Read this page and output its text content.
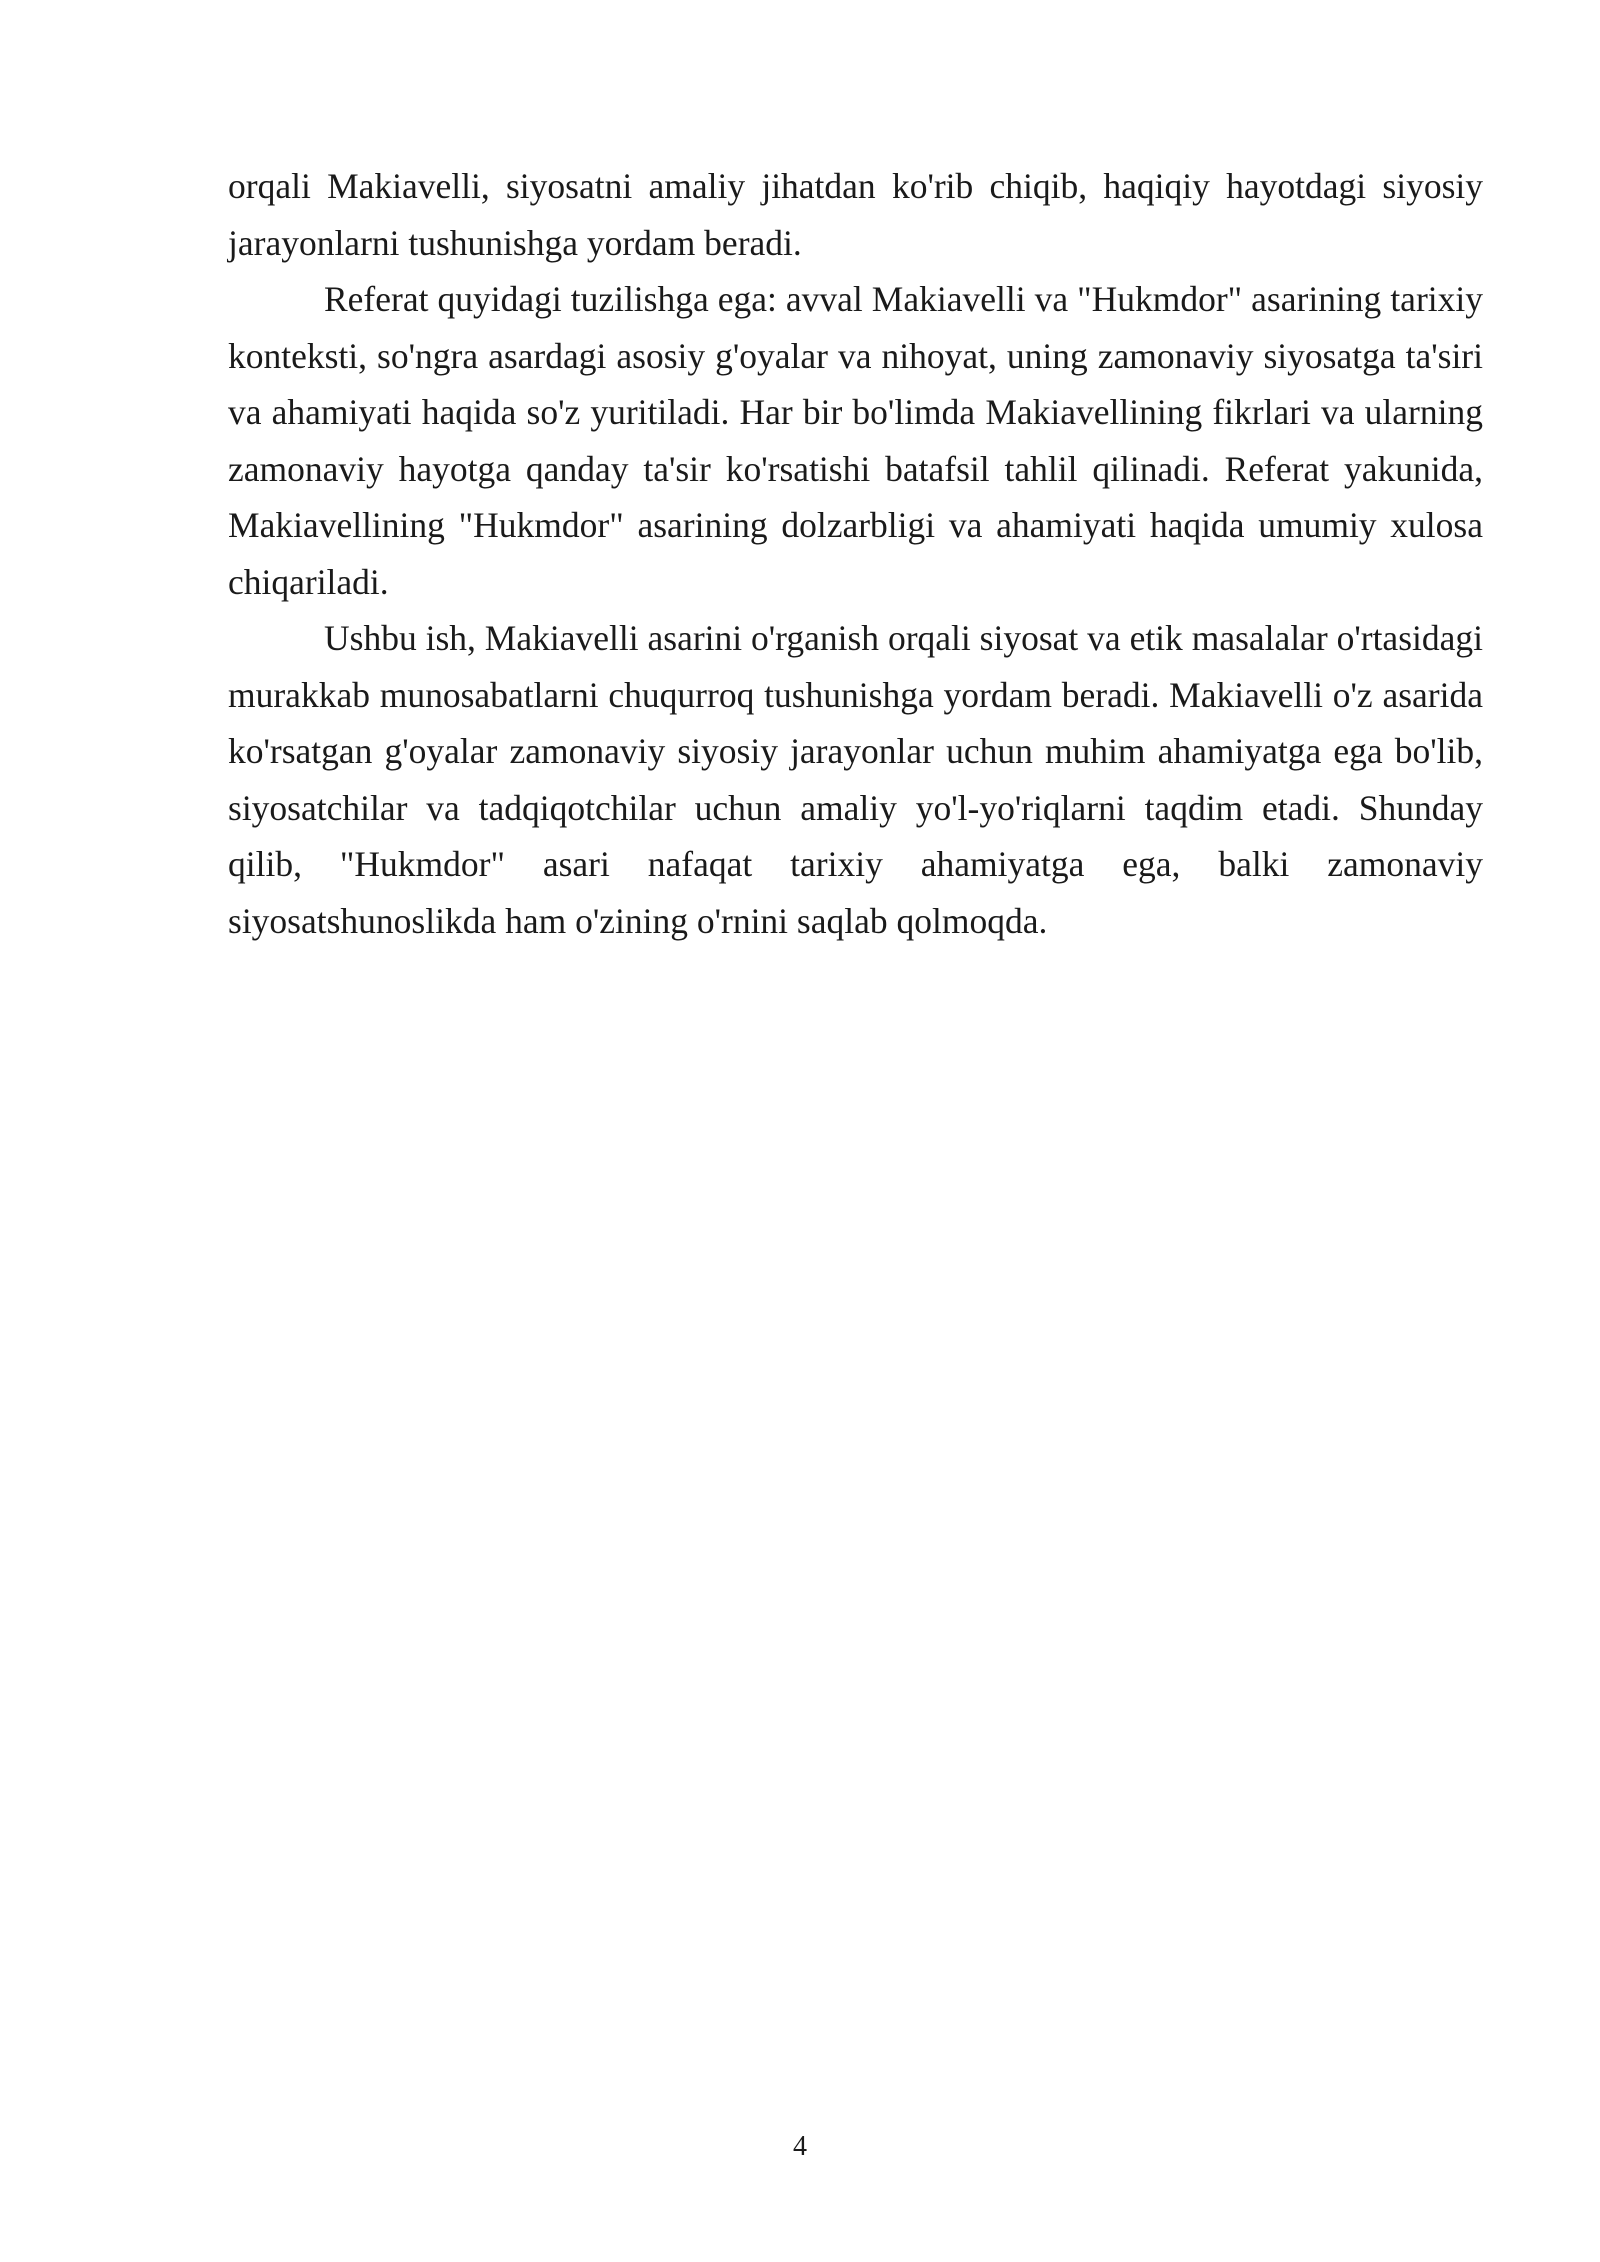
orqali Makiavelli, siyosatni amaliy jihatdan ko'rib chiqib, haqiqiy hayotdagi siyosiy jarayonlarni tushunishga yordam beradi.

Referat quyidagi tuzilishga ega: avval Makiavelli va "Hukmdor" asarining tarixiy konteksti, so'ngra asardagi asosiy g'oyalar va nihoyat, uning zamonaviy siyosatga ta'siri va ahamiyati haqida so'z yuritiladi. Har bir bo'limda Makiavellining fikrlari va ularning zamonaviy hayotga qanday ta'sir ko'rsatishi batafsil tahlil qilinadi. Referat yakunida, Makiavellining "Hukmdor" asarining dolzarbligi va ahamiyati haqida umumiy xulosa chiqariladi.

Ushbu ish, Makiavelli asarini o'rganish orqali siyosat va etik masalalar o'rtasidagi murakkab munosabatlarni chuqurroq tushunishga yordam beradi. Makiavelli o'z asarida ko'rsatgan g'oyalar zamonaviy siyosiy jarayonlar uchun muhim ahamiyatga ega bo'lib, siyosatchilar va tadqiqotchilar uchun amaliy yo'l-yo'riqlarni taqdim etadi. Shunday qilib, "Hukmdor" asari nafaqat tarixiy ahamiyatga ega, balki zamonaviy siyosatshunoslikda ham o'zining o'rnini saqlab qolmoqda.

4
